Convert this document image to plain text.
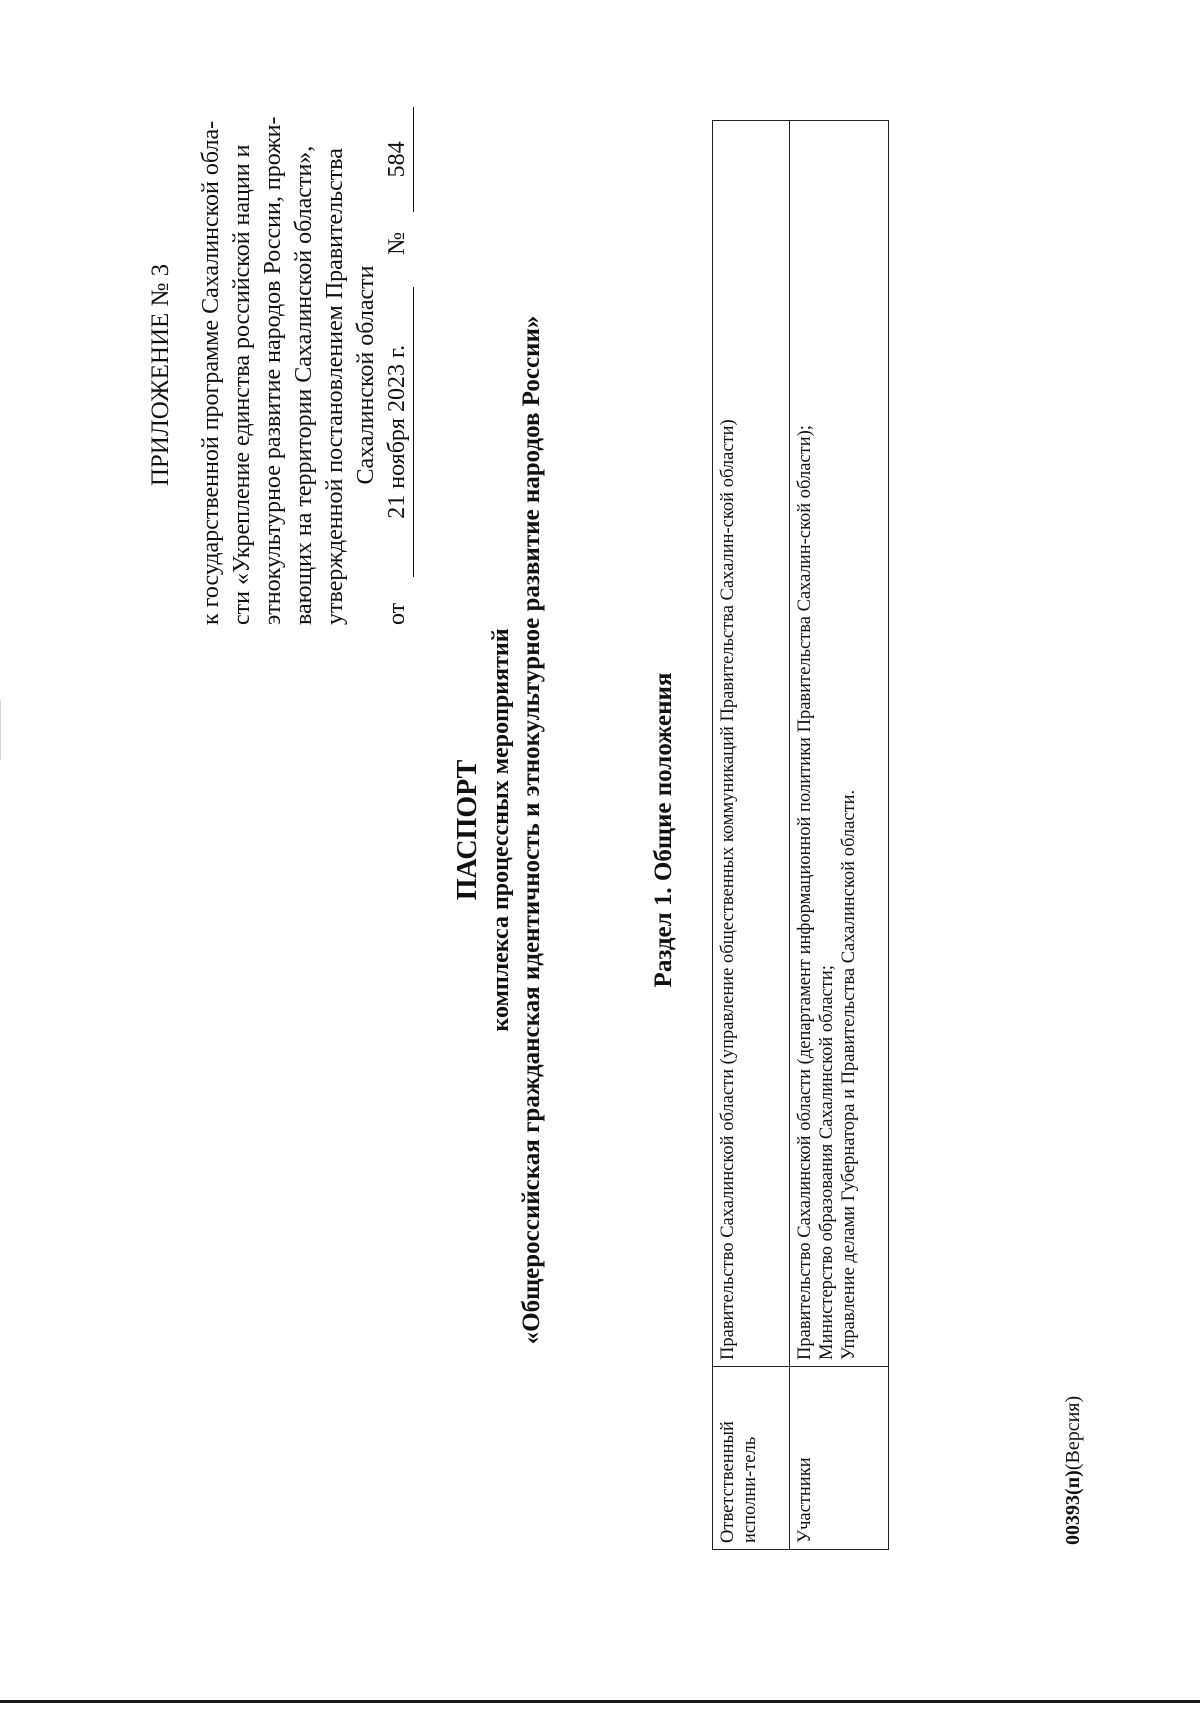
ПРИЛОЖЕНИЕ № 3 к государственной программе Сахалинской обла- сти «Укрепление единства российской нации и этнокультурное развитие народов России, прожи- вающих на территории Сахалинской области», утвержденной постановлением Правительства Сахалинской области
от  21 ноября 2023 г.  №  584
ПАСПОРТ комплекса процессных мероприятий «Общероссийская гражданская идентичность и этнокультурное развитие народов России»	Раздел 1. Общие положения
Ответственный исполни-тель	Правительство Сахалинской области (управление общественных коммуникаций Правительства Сахалин-ской области)

Участники	Правительство Сахалинской области (департамент информационной политики Правительства Сахалин-ской области); Министерство образования Сахалинской области; Управление делами Губернатора и Правительства Сахалинской области.
00393(п)(Версия)
